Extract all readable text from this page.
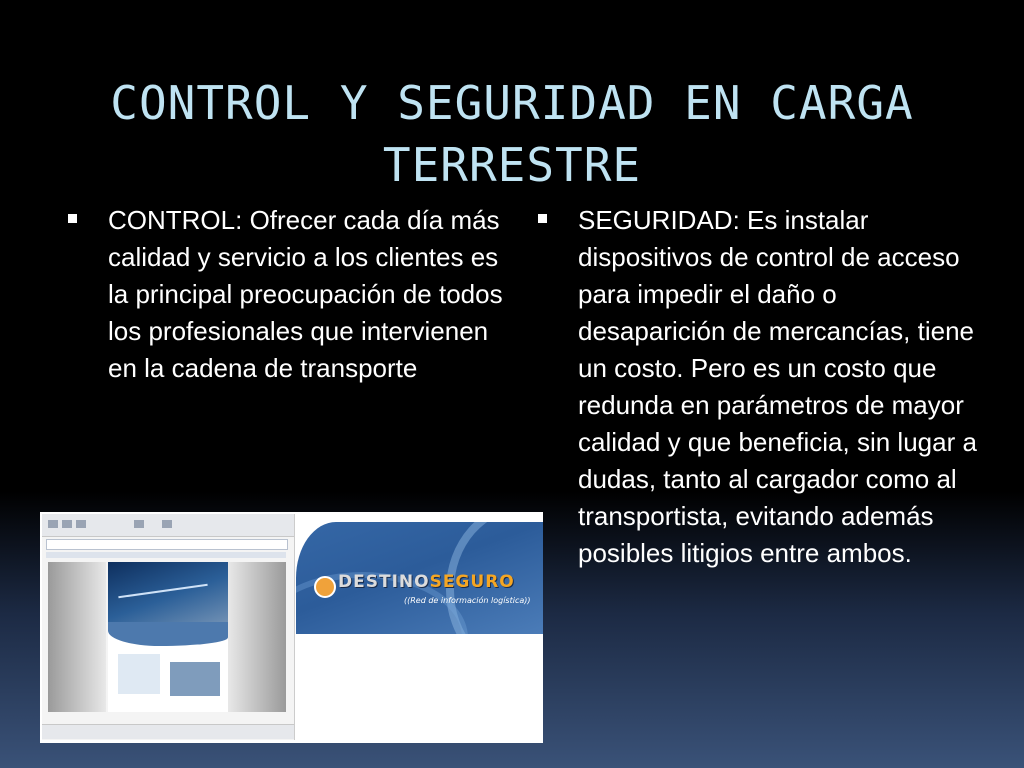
CONTROL Y SEGURIDAD EN CARGA TERRESTRE
CONTROL: Ofrecer cada día más calidad y servicio a los clientes es la principal preocupación de todos los profesionales que intervienen en la cadena de transporte
SEGURIDAD: Es instalar dispositivos de control de acceso para impedir el daño o desaparición de mercancías, tiene un costo. Pero es un costo que redunda en parámetros de mayor calidad y que beneficia, sin lugar a dudas, tanto al cargador como al transportista, evitando además posibles litigios entre ambos.
DESTINOSEGURO
((Red de información logística))
